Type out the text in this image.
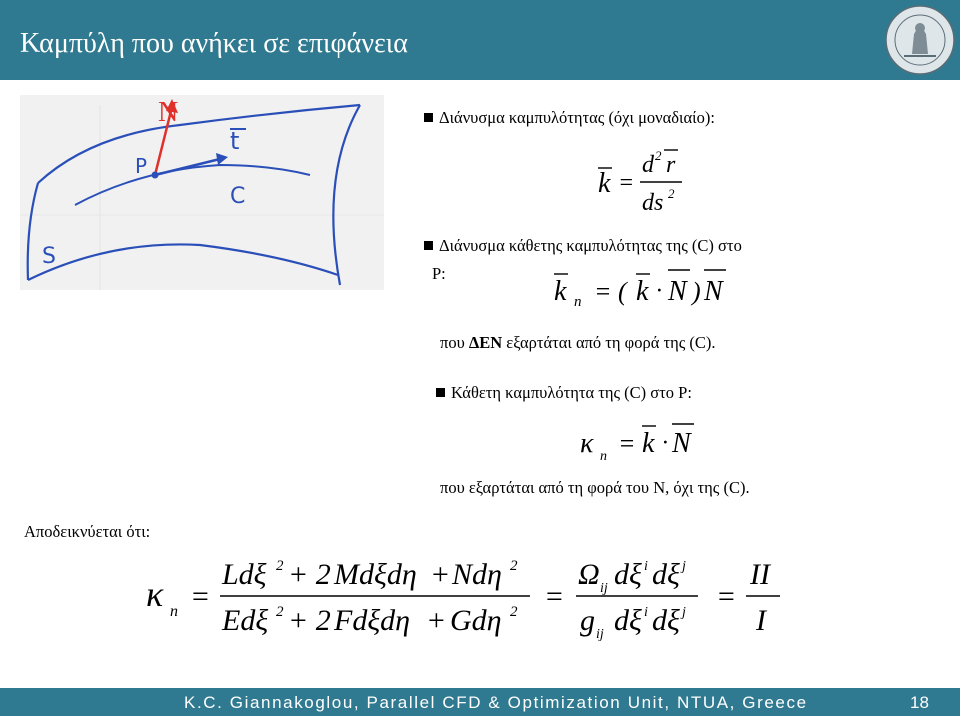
Καμπύλη που ανήκει σε επιφάνεια
N
P
t
C
S
Διάνυσμα καμπυλότητας (όχι μοναδιαίο):
k =
d 2 r
ds 2
Διάνυσμα κάθετης καμπυλότητας της (C) στο
P:
k n = ( k · N ) N
που ΔΕΝ εξαρτάται από τη φορά της (C).
Κάθετη καμπυλότητα της (C) στο P:
κ n = k · N
που εξαρτάται από τη φορά του N, όχι της (C).
Αποδεικνύεται ότι:
κ n =
Ldξ 2 + 2 Mdξdη + Ndη 2
Edξ 2 + 2 Fdξdη + Gdη 2 =
Ω ij dξ i dξ j
g ij dξ i dξ j =
II
I
K.C. Giannakoglou, Parallel CFD & Optimization Unit, NTUA, Greece	18
